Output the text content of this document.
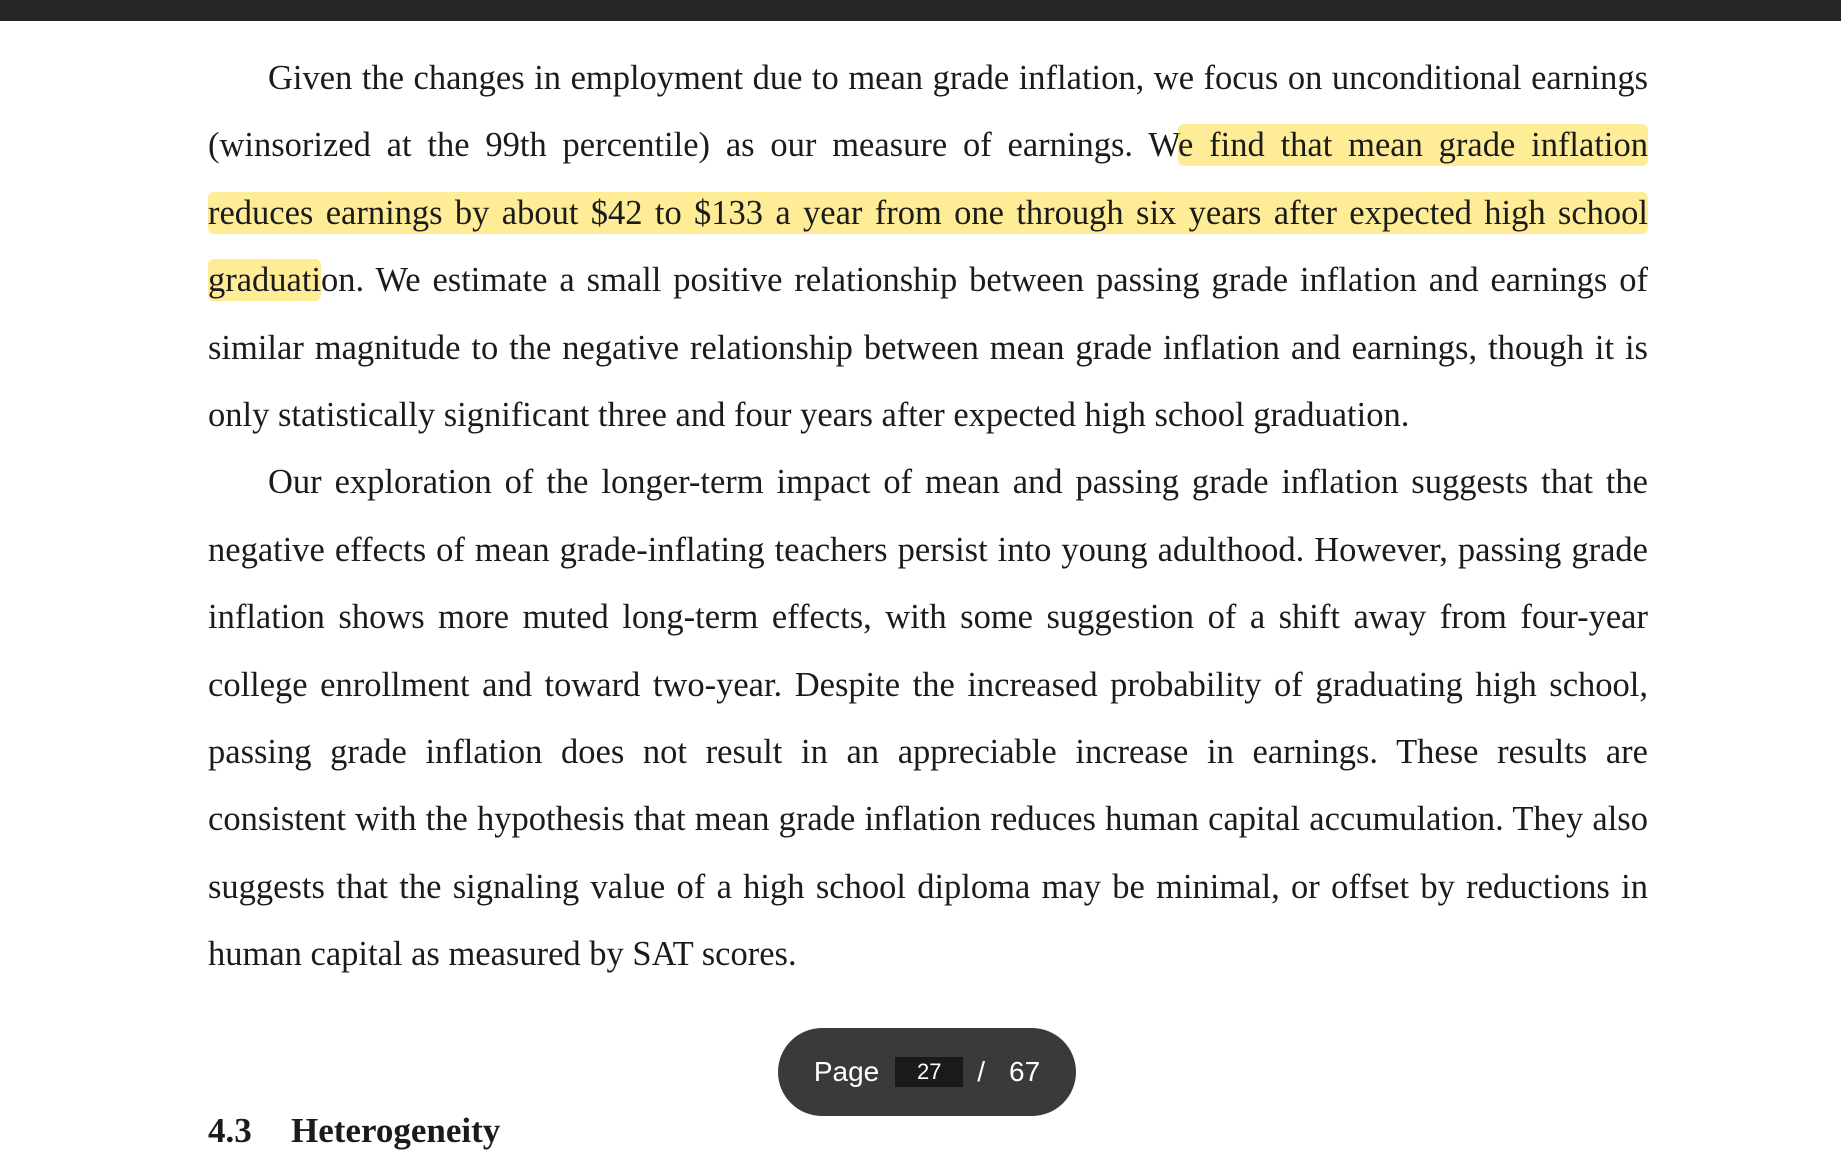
Given the changes in employment due to mean grade inflation, we focus on unconditional earnings (winsorized at the 99th percentile) as our measure of earnings. We find that mean grade inflation reduces earnings by about $42 to $133 a year from one through six years after expected high school graduation. We estimate a small positive relationship between passing grade inflation and earnings of similar magnitude to the negative relationship between mean grade inflation and earnings, though it is only statistically significant three and four years after expected high school graduation.

Our exploration of the longer-term impact of mean and passing grade inflation suggests that the negative effects of mean grade-inflating teachers persist into young adulthood. However, passing grade inflation shows more muted long-term effects, with some suggestion of a shift away from four-year college enrollment and toward two-year. Despite the increased probability of graduating high school, passing grade inflation does not result in an appreciable increase in earnings. These results are consistent with the hypothesis that mean grade inflation reduces human capital accumulation. They also suggests that the signaling value of a high school diploma may be minimal, or offset by reductions in human capital as measured by SAT scores.

4.3 Heterogeneity
Page
27	/ 67
